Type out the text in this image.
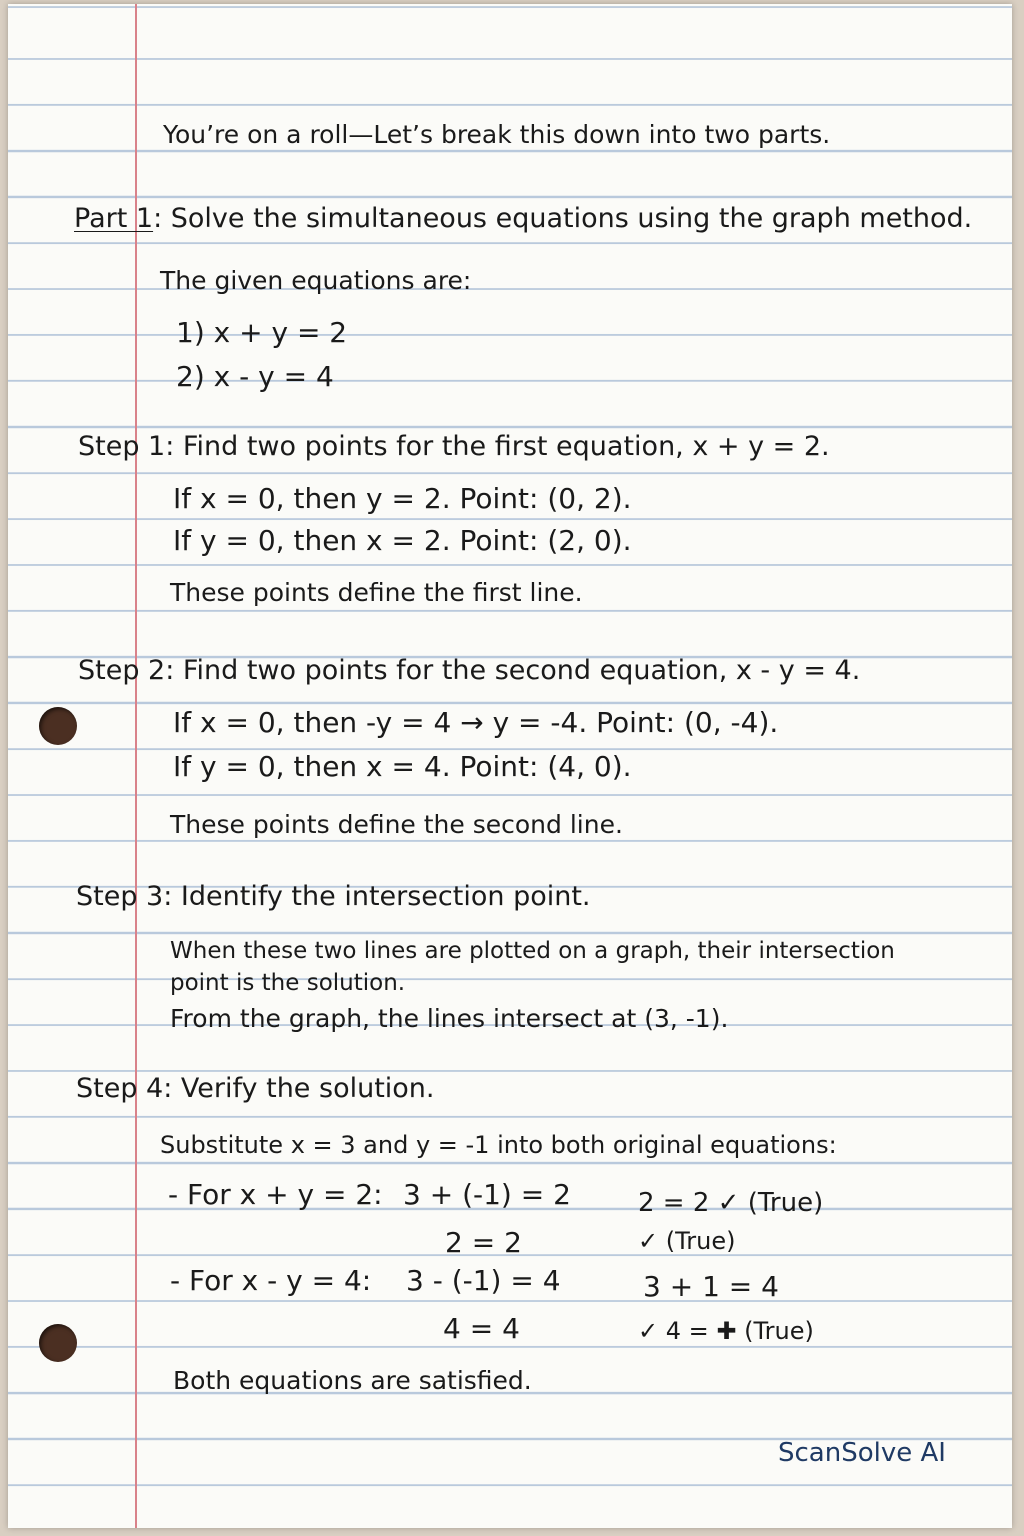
You’re on a roll—Let’s break this down into two parts.
Part 1: Solve the simultaneous equations using the graph method.
The given equations are:
1) x + y = 2
2) x - y = 4
Step 1: Find two points for the first equation, x + y = 2.
If x = 0, then y = 2. Point: (0, 2).
If y = 0, then x = 2. Point: (2, 0).
These points define the first line.
Step 2: Find two points for the second equation, x - y = 4.
If x = 0, then -y = 4 → y = -4. Point: (0, -4).
If y = 0, then x = 4. Point: (4, 0).
These points define the second line.
Step 3: Identify the intersection point.
When these two lines are plotted on a graph, their intersection
point is the solution.
From the graph, the lines intersect at (3, -1).
Step 4: Verify the solution.
Substitute x = 3 and y = -1 into both original equations:
- For x + y = 2: 3 + (-1) = 2	2 = 2 ✓ (True)
2 = 2	✓ (True)
- For x - y = 4: 3 - (-1) = 4	3 + 1 = 4
4 = 4	✓ 4 = ✚ (True)
Both equations are satisfied.
ScanSolve AI
